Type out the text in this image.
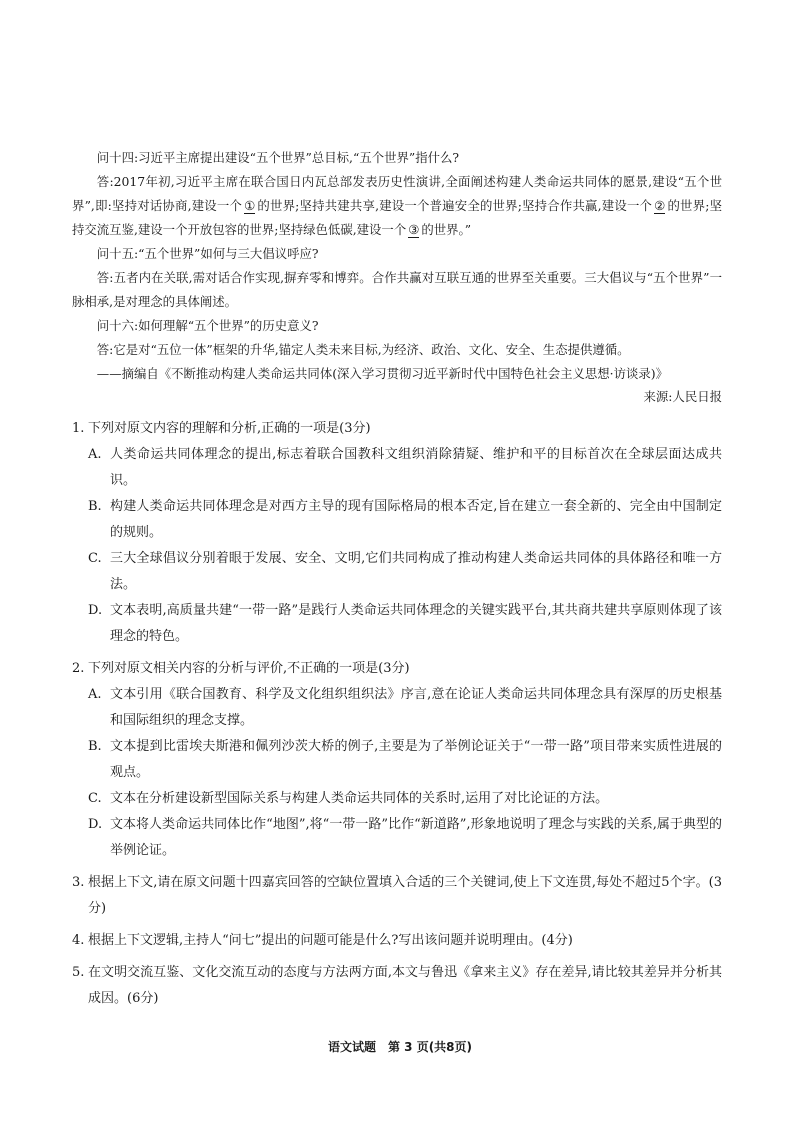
问十四:习近平主席提出建设“五个世界”总目标,“五个世界”指什么?

答:2017年初,习近平主席在联合国日内瓦总部发表历史性演讲,全面阐述构建人类命运共同体的愿景,建设“五个世界”,即:坚持对话协商,建设一个 ① 的世界;坚持共建共享,建设一个普遍安全的世界;坚持合作共赢,建设一个 ② 的世界;坚持交流互鉴,建设一个开放包容的世界;坚持绿色低碳,建设一个 ③ 的世界。”

问十五:“五个世界”如何与三大倡议呼应?

答:五者内在关联,需对话合作实现,摒弃零和博弈。合作共赢对互联互通的世界至关重要。三大倡议与“五个世界”一脉相承,是对理念的具体阐述。

问十六:如何理解“五个世界”的历史意义?

答:它是对“五位一体”框架的升华,锚定人类未来目标,为经济、政治、文化、安全、生态提供遵循。

——摘编自《不断推动构建人类命运共同体(深入学习贯彻习近平新时代中国特色社会主义思想·访谈录)》

来源:人民日报

1. 下列对原文内容的理解和分析,正确的一项是(3分)
A. 人类命运共同体理念的提出,标志着联合国教科文组织消除猜疑、维护和平的目标首次在全球层面达成共识。
B. 构建人类命运共同体理念是对西方主导的现有国际格局的根本否定,旨在建立一套全新的、完全由中国制定的规则。
C. 三大全球倡议分别着眼于发展、安全、文明,它们共同构成了推动构建人类命运共同体的具体路径和唯一方法。
D. 文本表明,高质量共建“一带一路”是践行人类命运共同体理念的关键实践平台,其共商共建共享原则体现了该理念的特色。
2. 下列对原文相关内容的分析与评价,不正确的一项是(3分)
A. 文本引用《联合国教育、科学及文化组织组织法》序言,意在论证人类命运共同体理念具有深厚的历史根基和国际组织的理念支撑。
B. 文本提到比雷埃夫斯港和佩列沙茨大桥的例子,主要是为了举例论证关于“一带一路”项目带来实质性进展的观点。
C. 文本在分析建设新型国际关系与构建人类命运共同体的关系时,运用了对比论证的方法。
D. 文本将人类命运共同体比作“地图”,将“一带一路”比作“新道路”,形象地说明了理念与实践的关系,属于典型的举例论证。
3. 根据上下文,请在原文问题十四嘉宾回答的空缺位置填入合适的三个关键词,使上下文连贯,每处不超过5个字。(3分)
4. 根据上下文逻辑,主持人“问七”提出的问题可能是什么?写出该问题并说明理由。(4分)
5. 在文明交流互鉴、文化交流互动的态度与方法两方面,本文与鲁迅《拿来主义》存在差异,请比较其差异并分析其成因。(6分)
语文试题　第 3 页(共8页)
